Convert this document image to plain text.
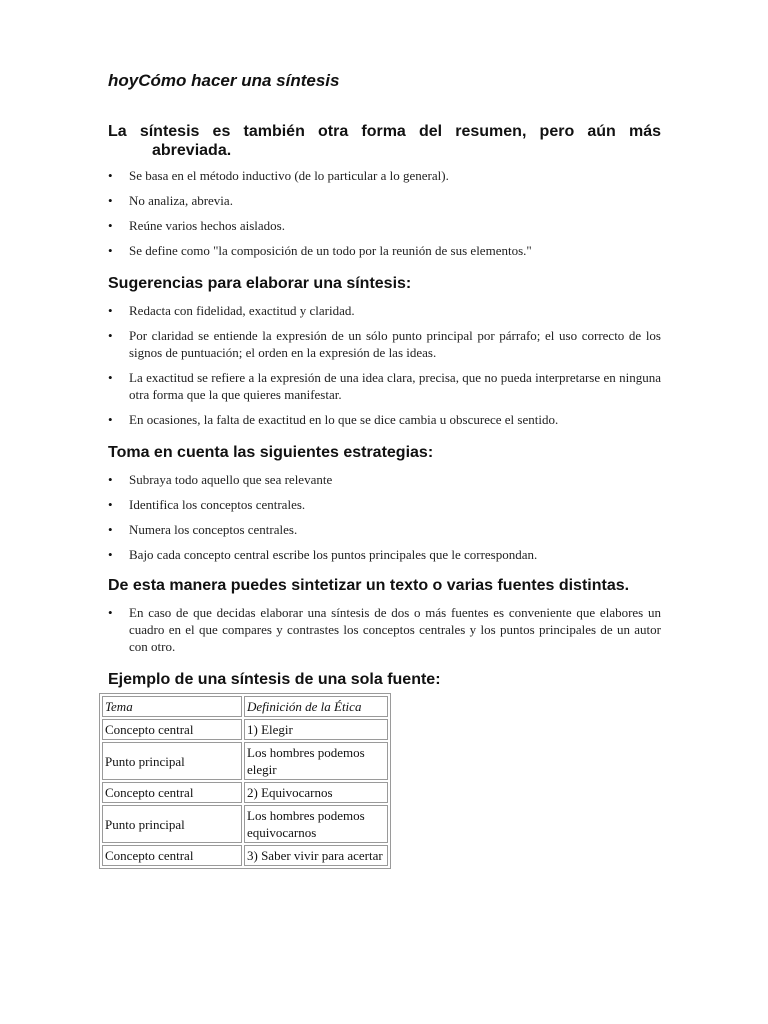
hoyCómo hacer una síntesis

La síntesis es también otra forma del resumen, pero aún más
abreviada.

• Se basa en el método inductivo (de lo particular a lo general).
• No analiza, abrevia.
• Reúne varios hechos aislados.
• Se define como "la composición de un todo por la reunión de sus elementos."
Sugerencias para elaborar una síntesis:
• Redacta con fidelidad, exactitud y claridad.
• Por claridad se entiende la expresión de un sólo punto principal por párrafo; el uso correcto de los signos de puntuación; el orden en la expresión de las ideas.
• La exactitud se refiere a la expresión de una idea clara, precisa, que no pueda interpretarse en ninguna otra forma que la que quieres manifestar.
• En ocasiones, la falta de exactitud en lo que se dice cambia u obscurece el sentido.
Toma en cuenta las siguientes estrategias:
• Subraya todo aquello que sea relevante
• Identifica los conceptos centrales.
• Numera los conceptos centrales.
• Bajo cada concepto central escribe los puntos principales que le correspondan.
De esta manera puedes sintetizar un texto o varias fuentes distintas.
• En caso de que decidas elaborar una síntesis de dos o más fuentes es conveniente que elabores un cuadro en el que compares y contrastes los conceptos centrales y los puntos principales de un autor con otro.
Ejemplo de una síntesis de una sola fuente:
Tema	Definición de la Ética
Concepto central	1) Elegir
Punto principal	Los hombres podemos elegir
Concepto central	2) Equivocarnos
Punto principal	Los hombres podemos equivocarnos
Concepto central	3) Saber vivir para acertar
